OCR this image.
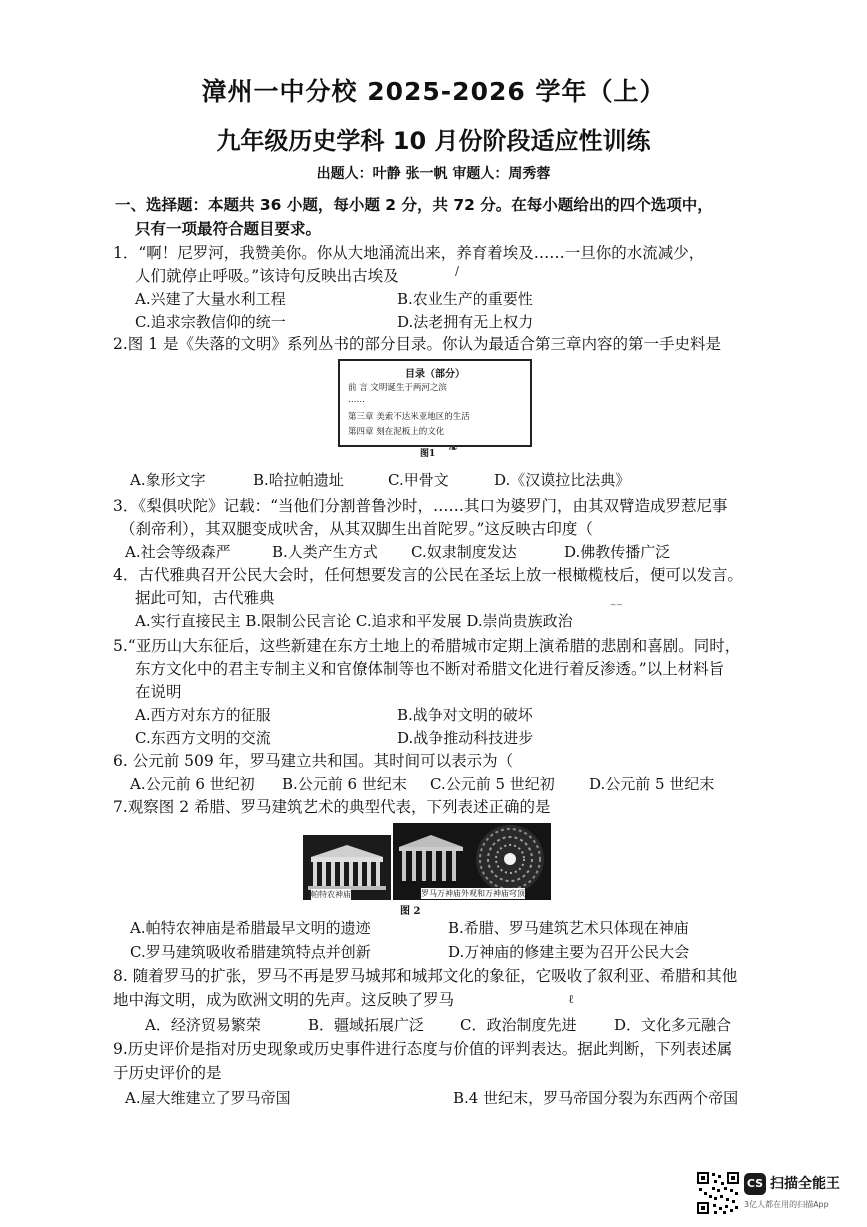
漳州一中分校 2025-2026 学年（上）
九年级历史学科 10 月份阶段适应性训练
出题人：叶静 张一帆 审题人：周秀蓉
一、选择题：本题共 36 小题，每小题 2 分，共 72 分。在每小题给出的四个选项中，
只有一项最符合题目要求。
1．“啊！尼罗河，我赞美你。你从大地涌流出来，养育着埃及……一旦你的水流减少，
人们就停止呼吸。”该诗句反映出古埃及	/
A.兴建了大量水利工程	B.农业生产的重要性
C.追求宗教信仰的统一	D.法老拥有无上权力
2.图 1 是《失落的文明》系列丛书的部分目录。你认为最适合第三章内容的第一手史料是
目录（部分）
前 言 文明诞生于两河之滨
……
第三章 美索不达米亚地区的生活
第四章 刻在泥板上的文化
图1 ❧
A.象形文字	B.哈拉帕遗址	C.甲骨文	D.《汉谟拉比法典》
3．《梨俱吠陀》记载：“当他们分割普鲁沙时，……其口为婆罗门，由其双臂造成罗惹尼事
（刹帝利），其双腿变成吠舍，从其双脚生出首陀罗。”这反映古印度（
A.社会等级森严	B.人类产生方式 C.奴隶制度发达	D.佛教传播广泛
4．古代雅典召开公民大会时，任何想要发言的公民在圣坛上放一根橄榄枝后，便可以发言。
据此可知，古代雅典
A.实行直接民主 B.限制公民言论 C.追求和平发展 D.崇尚贵族政治
⁻⁻
5.“亚历山大东征后，这些新建在东方土地上的希腊城市定期上演希腊的悲剧和喜剧。同时，
东方文化中的君主专制主义和官僚体制等也不断对希腊文化进行着反渗透。”以上材料旨
在说明
A.西方对东方的征服	B.战争对文明的破坏
C.东西方文明的交流	D.战争推动科技进步
6. 公元前 509 年，罗马建立共和国。其时间可以表示为（
A.公元前 6 世纪初 B.公元前 6 世纪末 C.公元前 5 世纪初 D.公元前 5 世纪末
7.观察图 2 希腊、罗马建筑艺术的典型代表，下列表述正确的是
帕特农神庙	罗马万神庙外观和万神庙穹顶
图 2
A.帕特农神庙是希腊最早文明的遗迹	B.希腊、罗马建筑艺术只体现在神庙
C.罗马建筑吸收希腊建筑特点并创新	D.万神庙的修建主要为召开公民大会
8. 随着罗马的扩张，罗马不再是罗马城邦和城邦文化的象征，它吸收了叙利亚、希腊和其他
地中海文明，成为欧洲文明的先声。这反映了罗马	ℓ
A．经济贸易繁荣	B．疆域拓展广泛 C．政治制度先进	D．文化多元融合
9.历史评价是指对历史现象或历史事件进行态度与价值的评判表达。据此判断，下列表述属
于历史评价的是
A.屋大维建立了罗马帝国	B.4 世纪末，罗马帝国分裂为东西两个帝国
CS 扫描全能王
3亿人都在用的扫描App
